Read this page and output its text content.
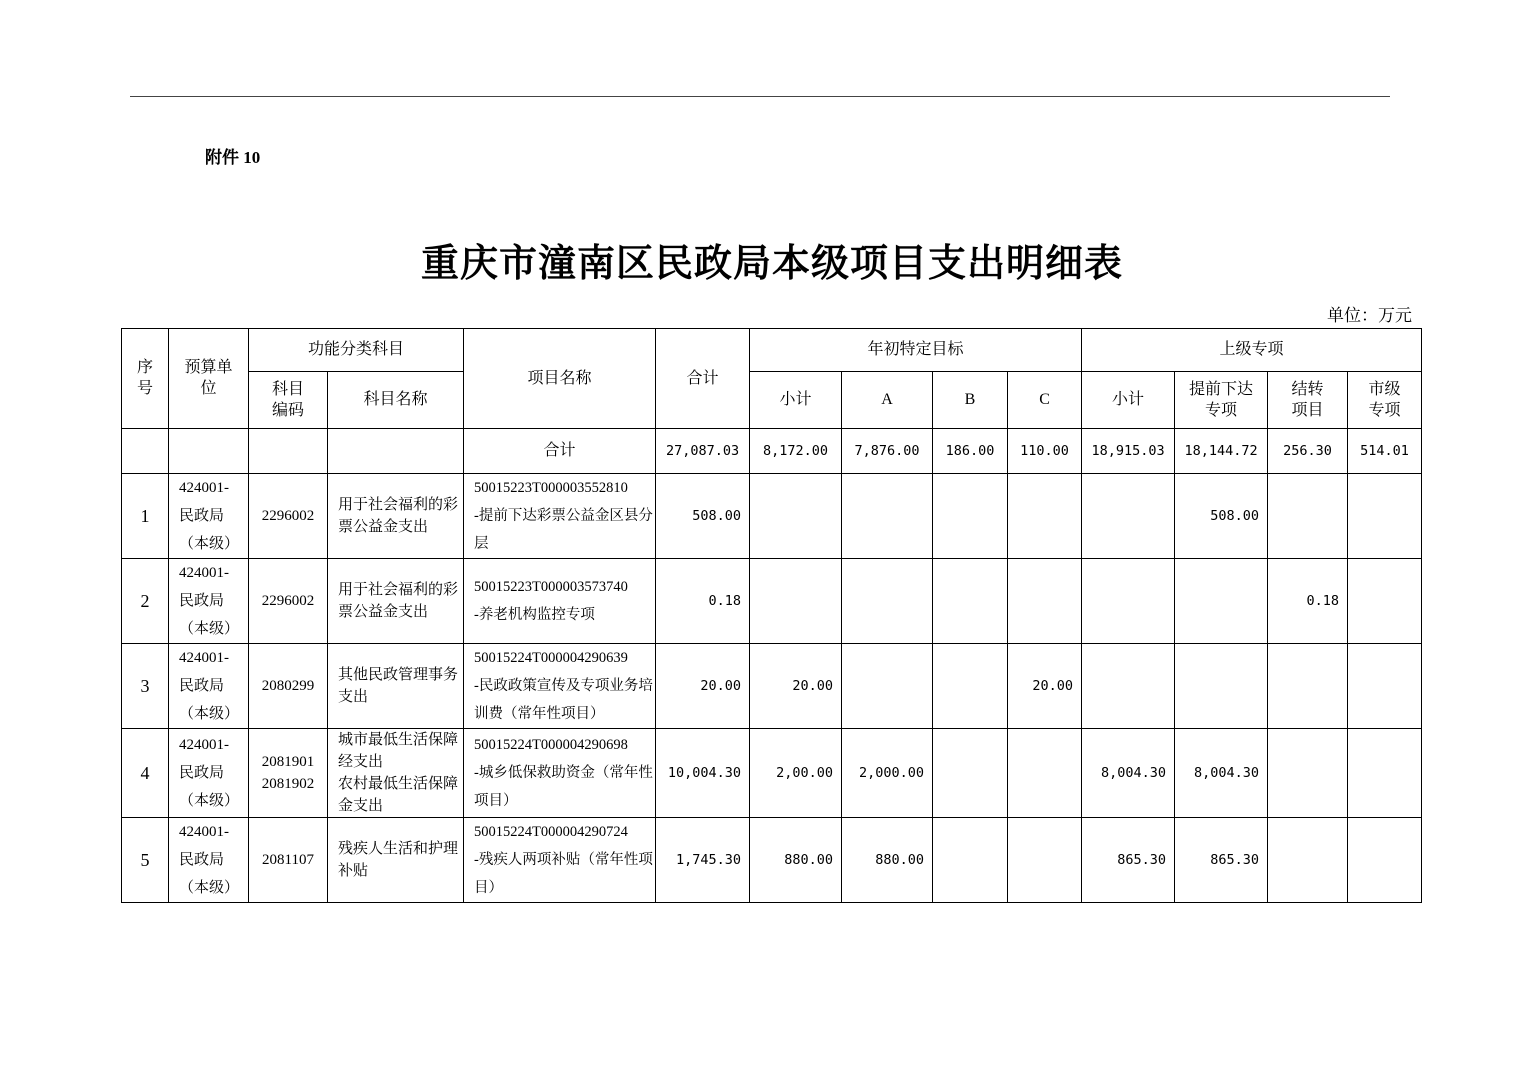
附件 10
重庆市潼南区民政局本级项目支出明细表
单位：万元
序号	预算单位	功能分类科目		项目名称	合计	年初特定目标				上级专项			
		科目编码	科目名称			小计	A	B	C	小计	提前下达专项	结转项目	市级专项
				合计	27,087.03	8,172.00	7,876.00	186.00	110.00	18,915.03	18,144.72	256.30	514.01
1	424001-
民政局
（本级）	2296002	用于社会福利的彩票公益金支出	50015223T000003552810
-提前下达彩票公益金区县分层	508.00						508.00		
2	424001-
民政局
（本级）	2296002	用于社会福利的彩票公益金支出	50015223T000003573740
-养老机构监控专项	0.18							0.18	
3	424001-
民政局
（本级）	2080299	其他民政管理事务支出	50015224T000004290639
-民政政策宣传及专项业务培训费（常年性项目）	20.00	20.00			20.00				
4	424001-
民政局
（本级）	2081901
2081902	城市最低生活保障经支出
农村最低生活保障金支出	50015224T000004290698
-城乡低保救助资金（常年性项目）	10,004.30	2,00.00	2,000.00			8,004.30	8,004.30		
5	424001-
民政局
（本级）	2081107	残疾人生活和护理补贴	50015224T000004290724
-残疾人两项补贴（常年性项目）	1,745.30	880.00	880.00			865.30	865.30		
